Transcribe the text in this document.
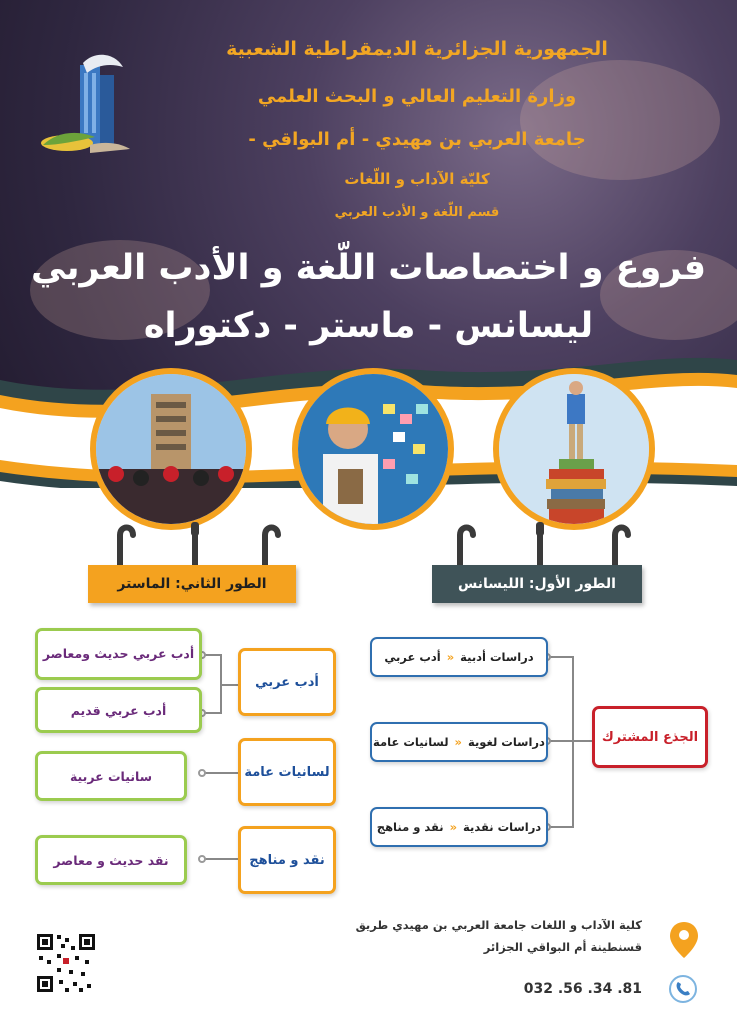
الجمهورية الجزائرية الديمقراطية الشعبية
وزارة التعليم العالي و البحث العلمي
جامعة العربي بن مهيدي - أم البواقي -
كليّة الآداب و اللّغات
قسم اللّغة و الأدب العربي
فروع و اختصاصات اللّغة و الأدب العربي
ليسانس - ماستر - دكتوراه
الطور الثاني: الماستر	الطور الأول: الليسانس
دراسات أدبية
«
أدب عربي
دراسات لغوية
«
لسانيات عامة
دراسات نقدية
«
نقد و مناهج
الجذع المشترك
أدب عربي حديث ومعاصر
أدب عربي قديم
سانيات عربية
نقد حديث و معاصر
أدب عربي
لسانيات عامة
نقد و مناهج
كلية الآداب و اللغات جامعة العربي بن مهيدي طريق
قسنطينة أم البواقي الجزائر
032 .56 .34 .81
